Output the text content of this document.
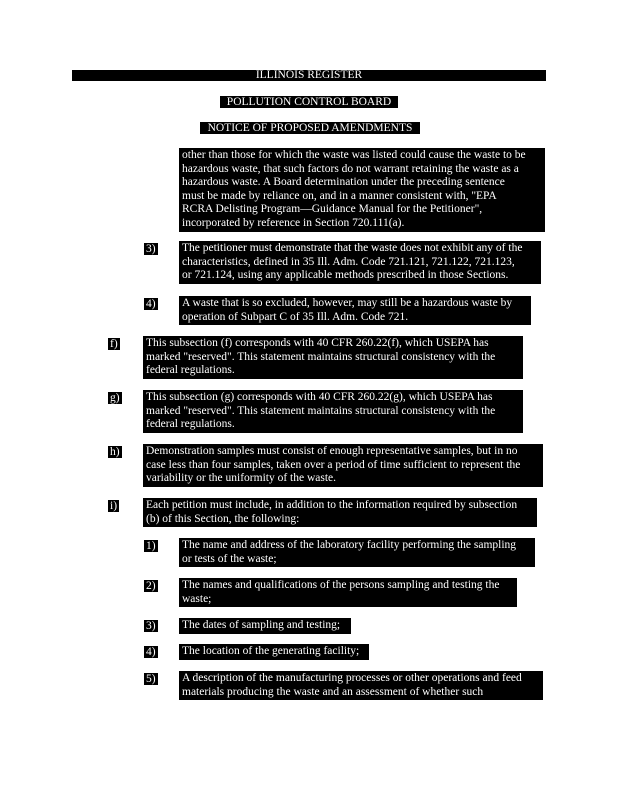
ILLINOIS REGISTER
POLLUTION CONTROL BOARD
NOTICE OF PROPOSED AMENDMENTS
other than those for which the waste was listed could cause the waste to be
hazardous waste, that such factors do not warrant retaining the waste as a
hazardous waste. A Board determination under the preceding sentence
must be made by reliance on, and in a manner consistent with, "EPA
RCRA Delisting Program—Guidance Manual for the Petitioner",
incorporated by reference in Section 720.111(a).
3) The petitioner must demonstrate that the waste does not exhibit any of the
characteristics, defined in 35 Ill. Adm. Code 721.121, 721.122, 721.123,
or 721.124, using any applicable methods prescribed in those Sections.
4) A waste that is so excluded, however, may still be a hazardous waste by
operation of Subpart C of 35 Ill. Adm. Code 721.
f) This subsection (f) corresponds with 40 CFR 260.22(f), which USEPA has
marked "reserved". This statement maintains structural consistency with the
federal regulations.
g) This subsection (g) corresponds with 40 CFR 260.22(g), which USEPA has
marked "reserved". This statement maintains structural consistency with the
federal regulations.
h) Demonstration samples must consist of enough representative samples, but in no
case less than four samples, taken over a period of time sufficient to represent the
variability or the uniformity of the waste.
i)	Each petition must include, in addition to the information required by subsection
(b) of this Section, the following:
1) The name and address of the laboratory facility performing the sampling
or tests of the waste;
2) The names and qualifications of the persons sampling and testing the
waste;
3) The dates of sampling and testing;
4) The location of the generating facility;
5) A description of the manufacturing processes or other operations and feed
materials producing the waste and an assessment of whether such
